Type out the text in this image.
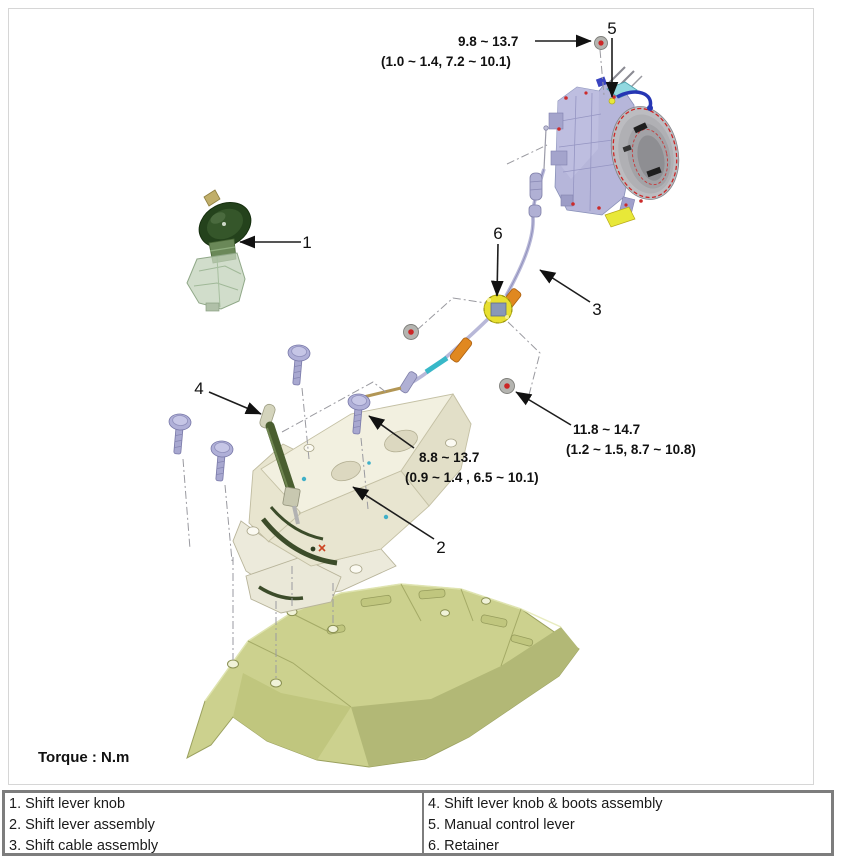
1
2
3
4
5
6
9.8 ~ 13.7
(1.0 ~ 1.4, 7.2 ~ 10.1)
8.8 ~ 13.7
(0.9 ~ 1.4 , 6.5 ~ 10.1)
11.8 ~ 14.7
(1.2 ~ 1.5, 8.7 ~ 10.8)
Torque : N.m
1. Shift lever knob
2. Shift lever assembly
3. Shift cable assembly
4. Shift lever knob & boots assembly
5. Manual control lever
6. Retainer
